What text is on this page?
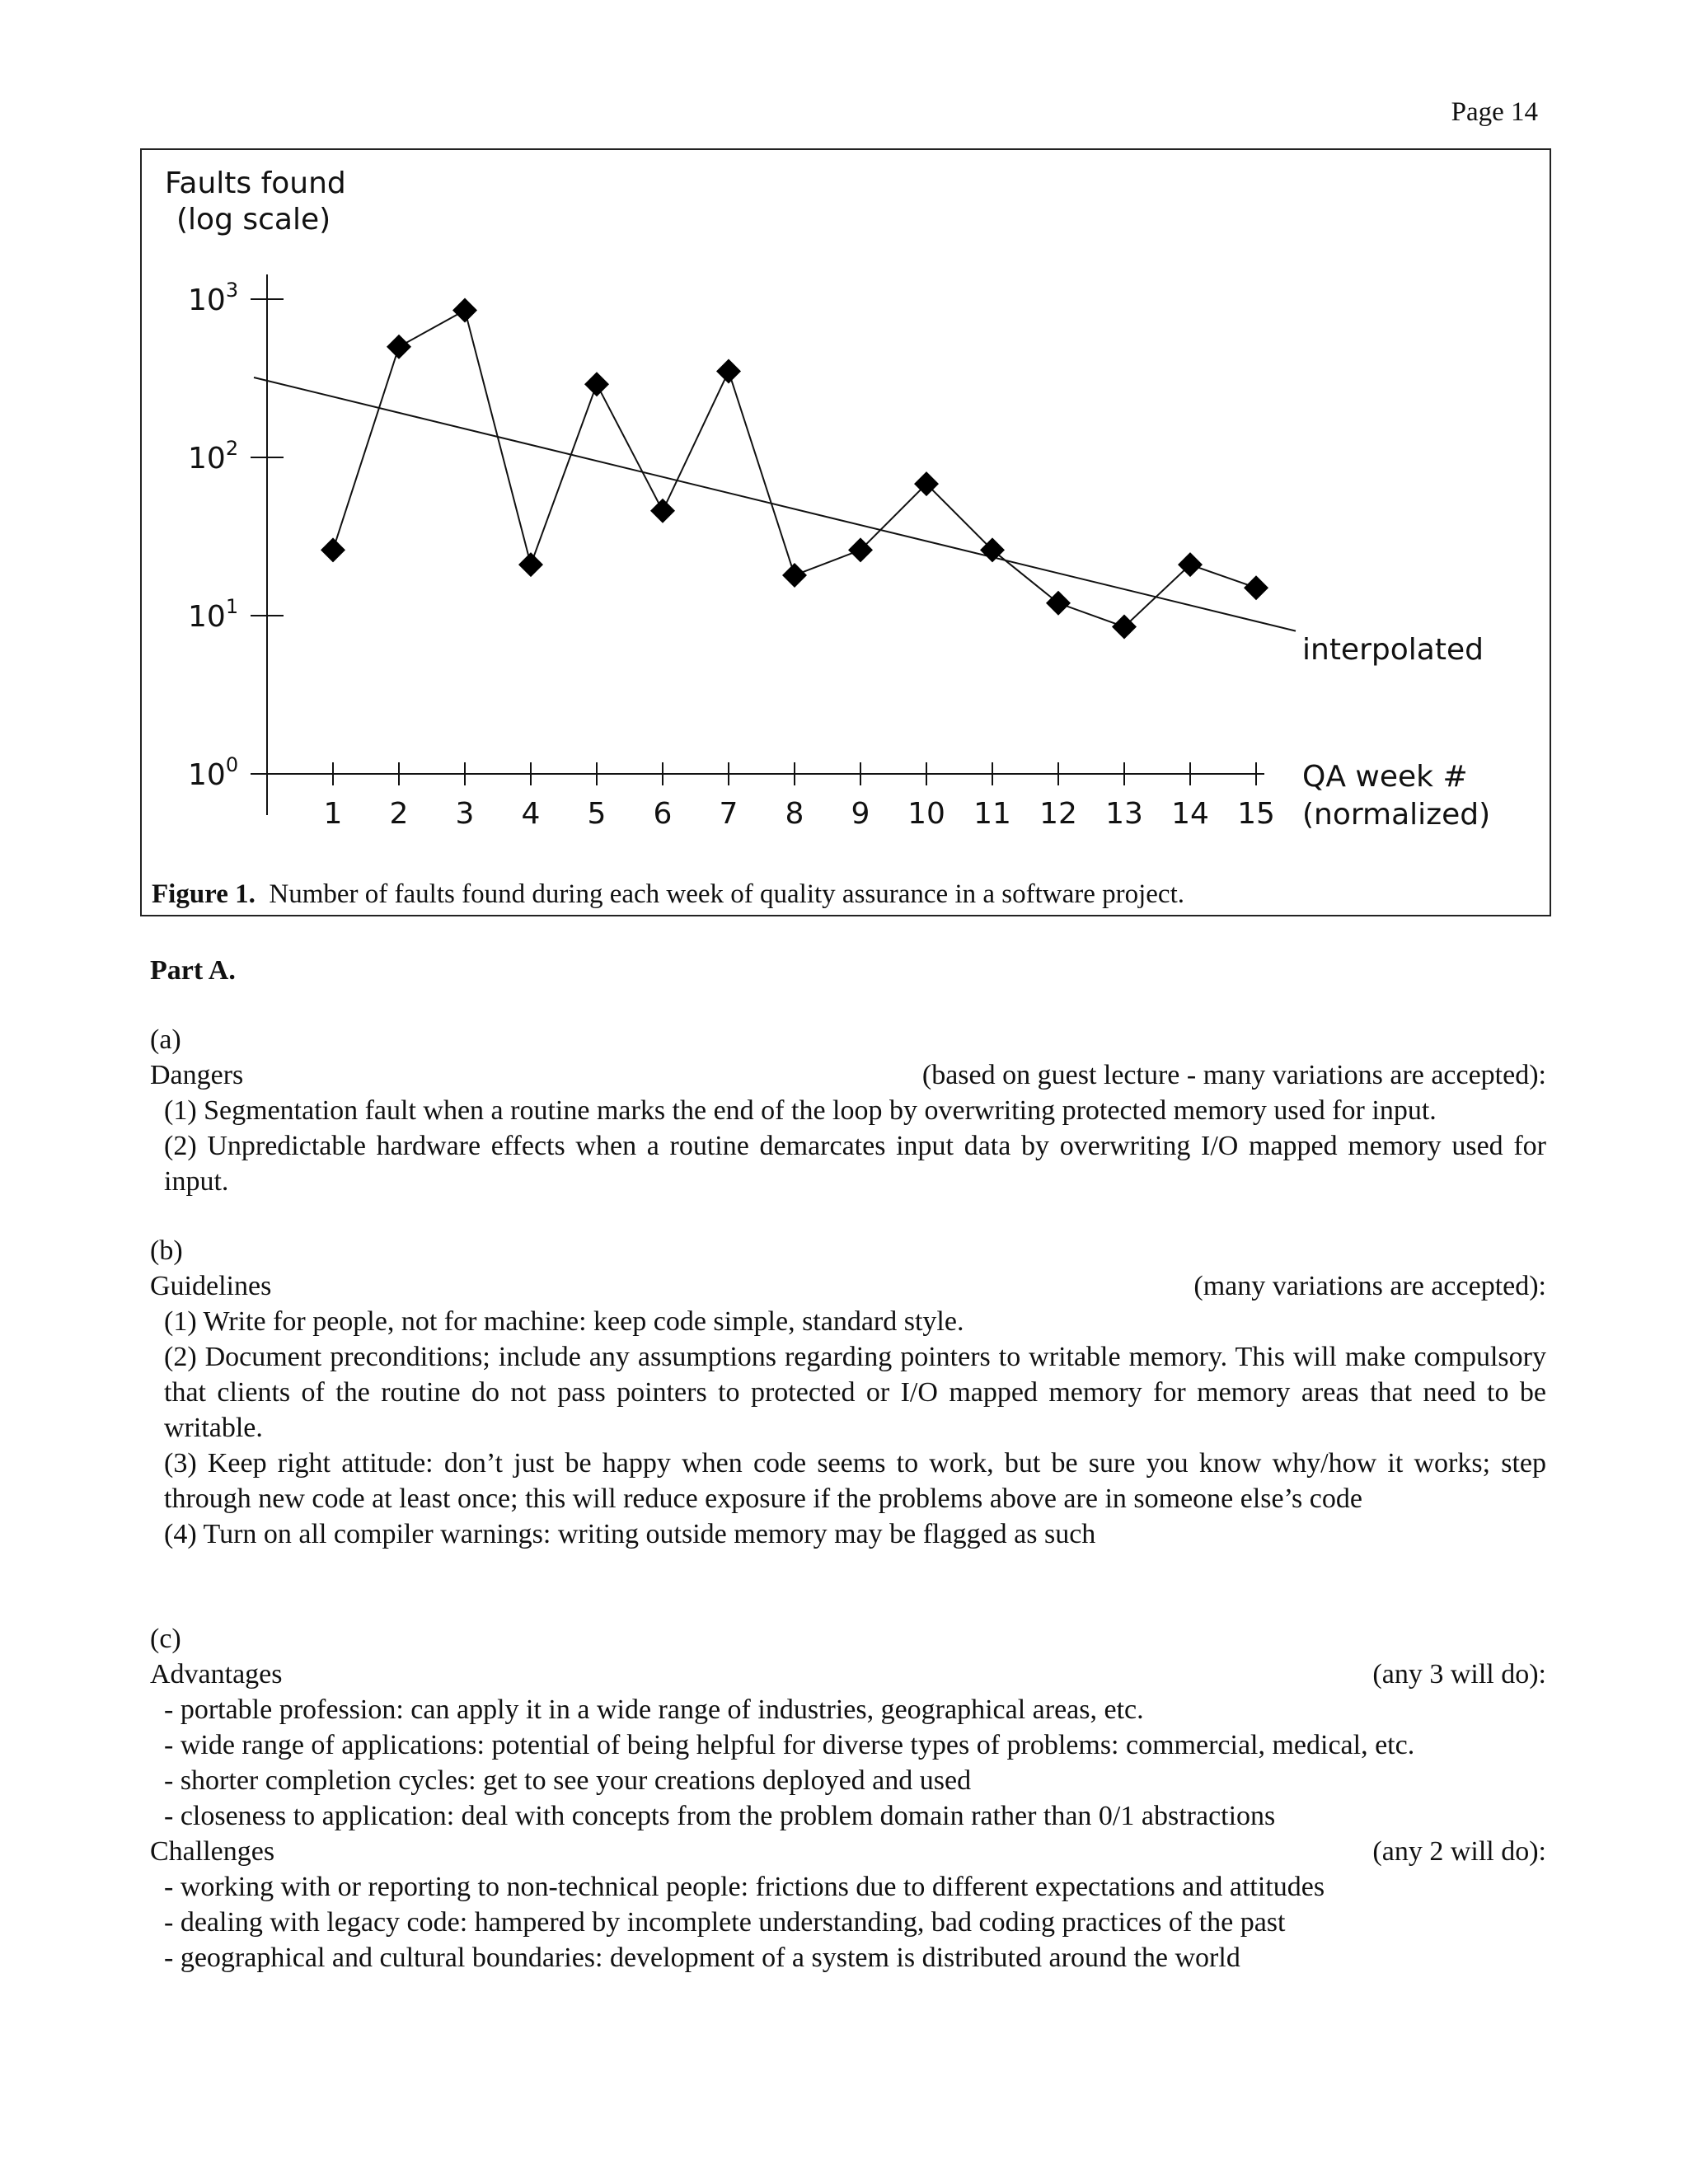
Page 14
Faults found
(log scale)
$10^0$
$10^1$
$10^2$
$10^3$
1 2 3 4 5 6 7 8 9 10 11 12 13 14 15
interpolated
QA week #
(normalized)
Figure 1. Number of faults found during each week of quality assurance in a software project.
Part A.

(a)

Dangers	(based on guest lecture - many variations are accepted):

(1) Segmentation fault when a routine marks the end of the loop by overwriting protected memory used for input.

(2) Unpredictable hardware effects when a routine demarcates input data by overwriting I/O mapped memory used for input.

(b)

Guidelines	(many variations are accepted):

(1) Write for people, not for machine: keep code simple, standard style.

(2) Document preconditions; include any assumptions regarding pointers to writable memory. This will make compulsory that clients of the routine do not pass pointers to protected or I/O mapped memory for memory areas that need to be writable.

(3) Keep right attitude: don’t just be happy when code seems to work, but be sure you know why/how it works; step through new code at least once; this will reduce exposure if the problems above are in someone else’s code

(4) Turn on all compiler warnings: writing outside memory may be flagged as such

(c)

Advantages	(any 3 will do):

- portable profession: can apply it in a wide range of industries, geographical areas, etc.

- wide range of applications: potential of being helpful for diverse types of problems: commercial, medical, etc.

- shorter completion cycles: get to see your creations deployed and used

- closeness to application: deal with concepts from the problem domain rather than 0/1 abstractions

Challenges	(any 2 will do):

- working with or reporting to non-technical people: frictions due to different expectations and attitudes

- dealing with legacy code: hampered by incomplete understanding, bad coding practices of the past

- geographical and cultural boundaries: development of a system is distributed around the world
